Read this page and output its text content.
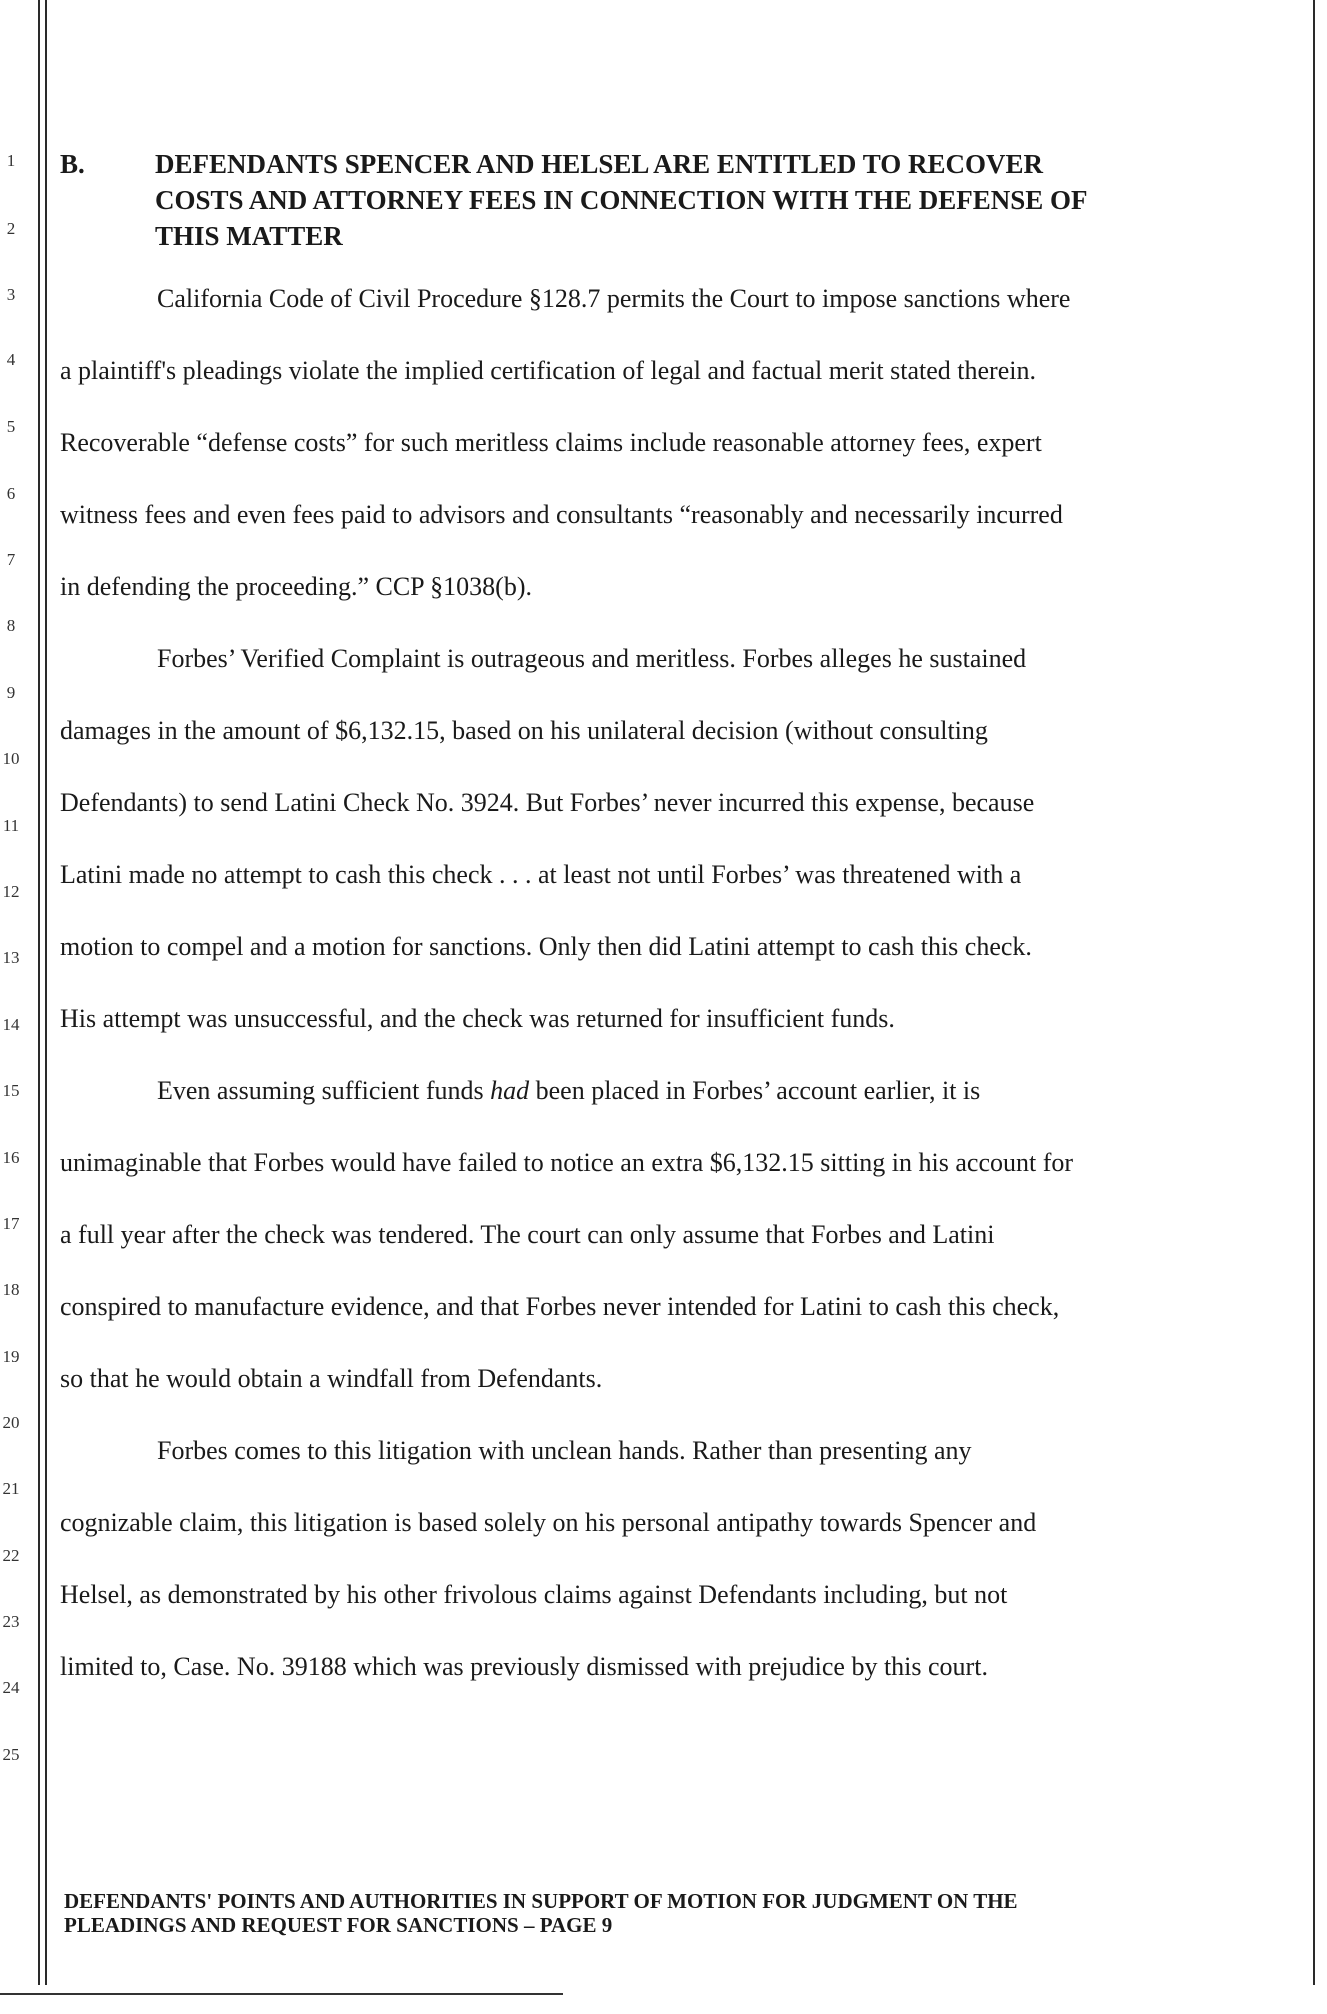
1
2
3
4
5
6
7
8
9
10
11
12
13
14
15
16
17
18
19
20
21
22
23
24
25
B.	DEFENDANTS SPENCER AND HELSEL ARE ENTITLED TO RECOVER
COSTS AND ATTORNEY FEES IN CONNECTION WITH THE DEFENSE OF
THIS MATTER
California Code of Civil Procedure §128.7 permits the Court to impose sanctions where
a plaintiff's pleadings violate the implied certification of legal and factual merit stated therein.
Recoverable “defense costs” for such meritless claims include reasonable attorney fees, expert
witness fees and even fees paid to advisors and consultants “reasonably and necessarily incurred
in defending the proceeding.” CCP §1038(b).
Forbes’ Verified Complaint is outrageous and meritless. Forbes alleges he sustained
damages in the amount of $6,132.15, based on his unilateral decision (without consulting
Defendants) to send Latini Check No. 3924. But Forbes’ never incurred this expense, because
Latini made no attempt to cash this check . . . at least not until Forbes’ was threatened with a
motion to compel and a motion for sanctions. Only then did Latini attempt to cash this check.
His attempt was unsuccessful, and the check was returned for insufficient funds.
Even assuming sufficient funds had been placed in Forbes’ account earlier, it is
unimaginable that Forbes would have failed to notice an extra $6,132.15 sitting in his account for
a full year after the check was tendered. The court can only assume that Forbes and Latini
conspired to manufacture evidence, and that Forbes never intended for Latini to cash this check,
so that he would obtain a windfall from Defendants.
Forbes comes to this litigation with unclean hands. Rather than presenting any
cognizable claim, this litigation is based solely on his personal antipathy towards Spencer and
Helsel, as demonstrated by his other frivolous claims against Defendants including, but not
limited to, Case. No. 39188 which was previously dismissed with prejudice by this court.
DEFENDANTS' POINTS AND AUTHORITIES IN SUPPORT OF MOTION FOR JUDGMENT ON THE
PLEADINGS AND REQUEST FOR SANCTIONS – PAGE 9
